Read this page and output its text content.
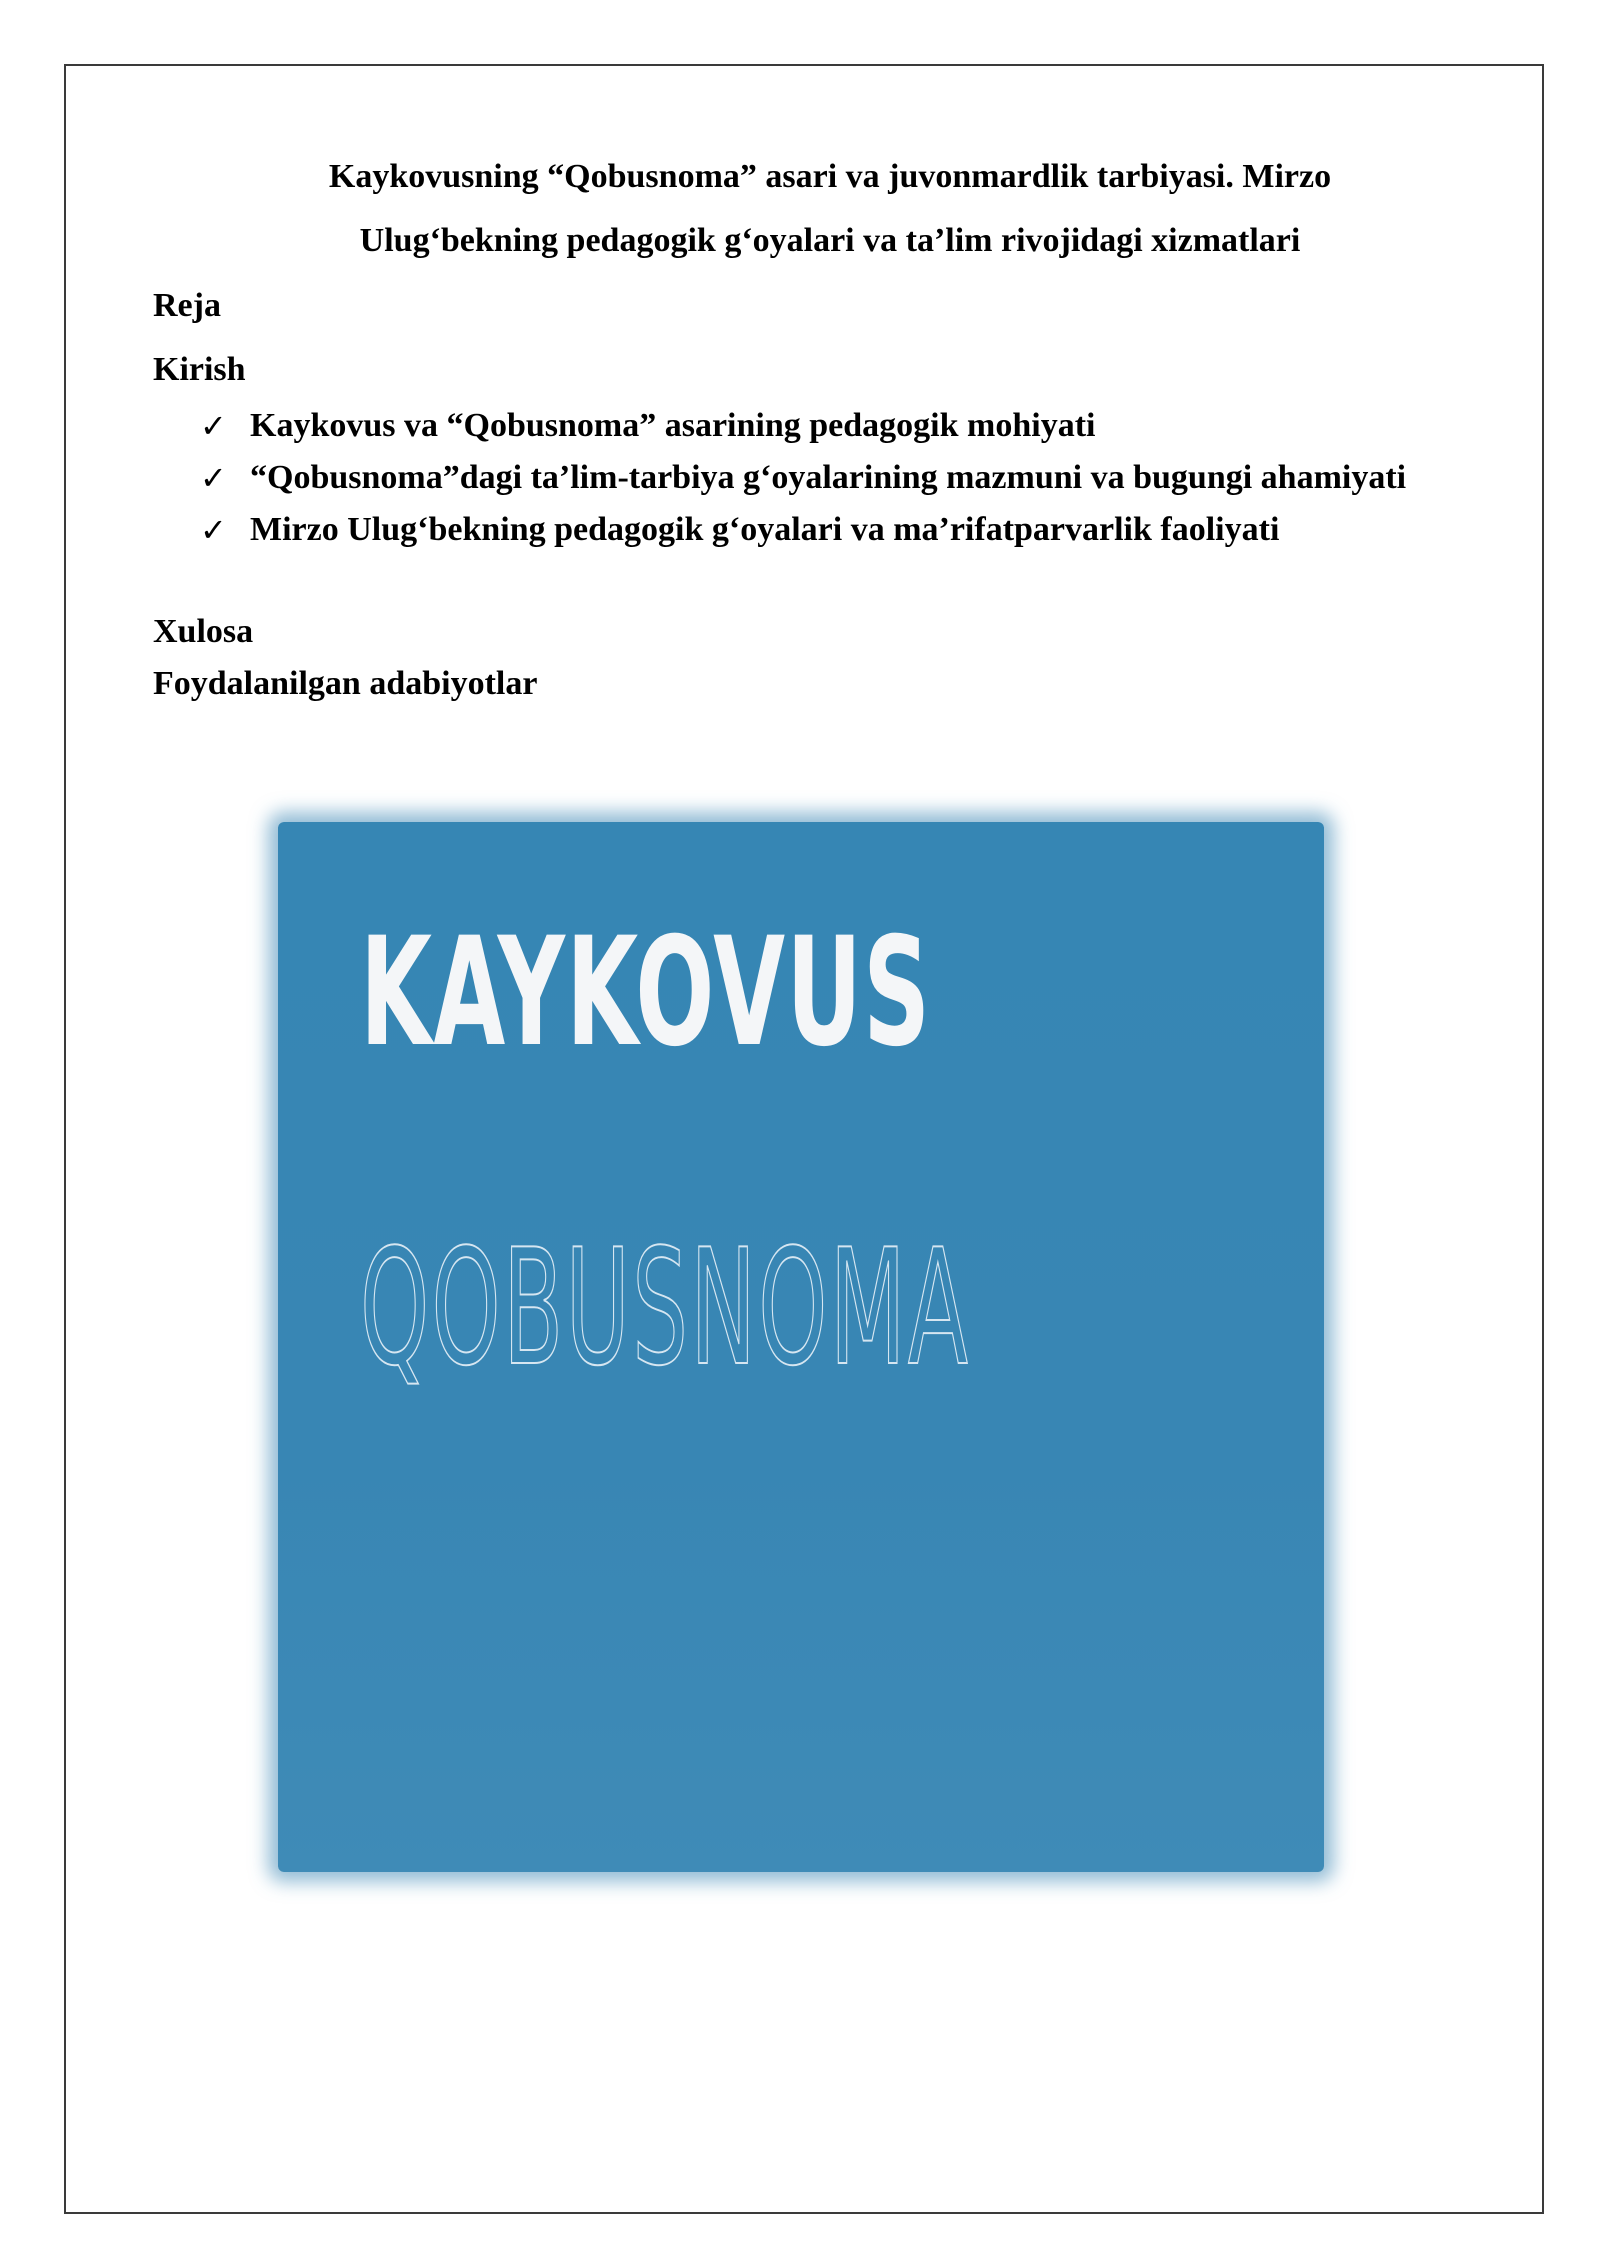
Kaykovusning “Qobusnoma” asari va juvonmardlik tarbiyasi. Mirzo
Ulug‘bekning pedagogik g‘oyalari va ta’lim rivojidagi xizmatlari

Reja

Kirish

✓ Kaykovus va “Qobusnoma” asarining pedagogik mohiyati
✓ “Qobusnoma”dagi ta’lim-tarbiya g‘oyalarining mazmuni va bugungi ahamiyati
✓ Mirzo Ulug‘bekning pedagogik g‘oyalari va ma’rifatparvarlik faoliyati

Xulosa

Foydalanilgan adabiyotlar

KAYKOVUS
QOBUSNOMA
